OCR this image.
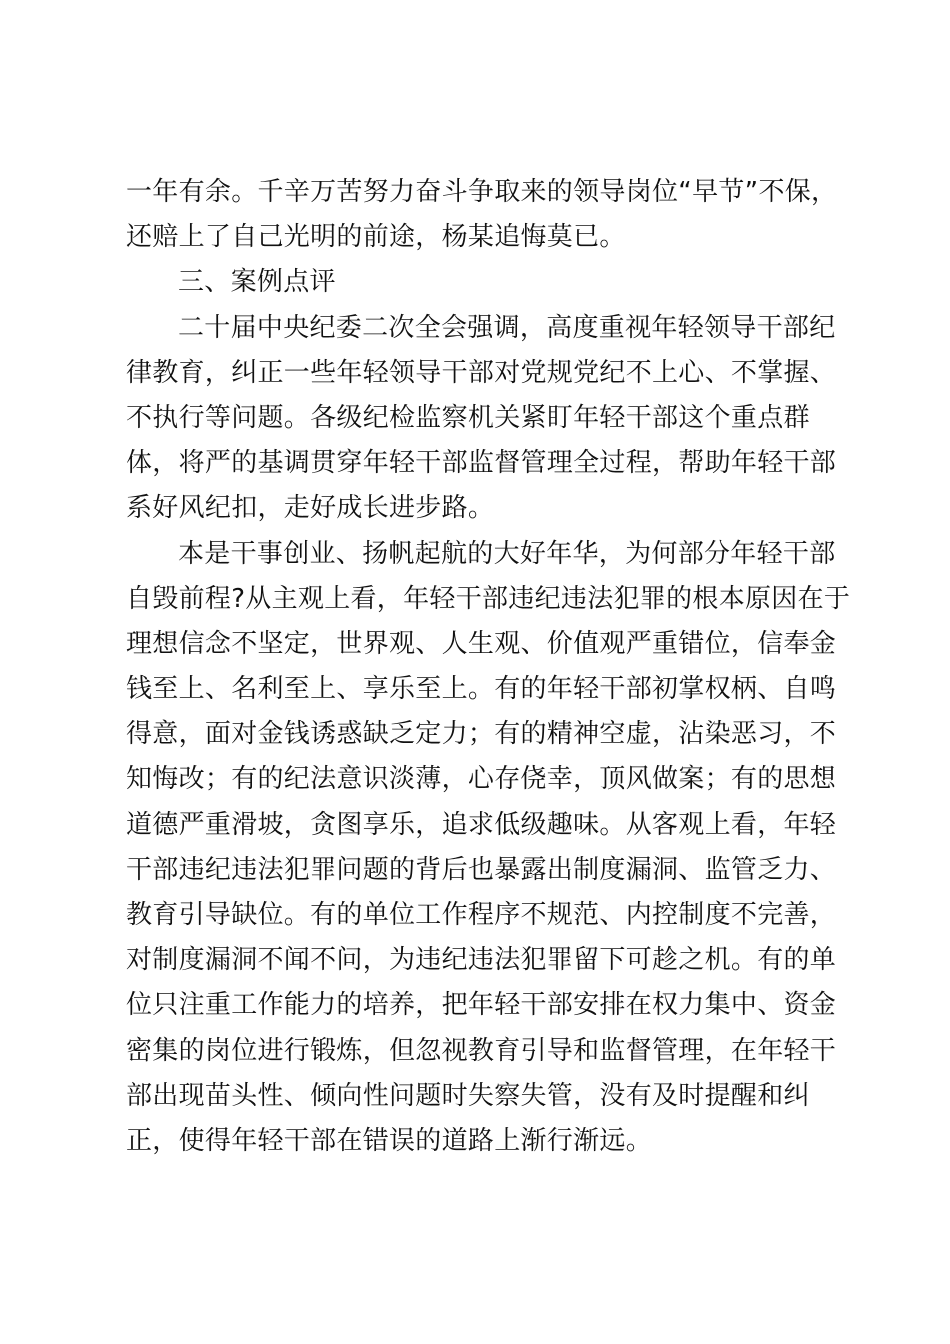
一年有余。千辛万苦努力奋斗争取来的领导岗位“早节”不保，
还赔上了自己光明的前途，杨某追悔莫已。
三、案例点评
二十届中央纪委二次全会强调，高度重视年轻领导干部纪
律教育，纠正一些年轻领导干部对党规党纪不上心、不掌握、
不执行等问题。各级纪检监察机关紧盯年轻干部这个重点群
体，将严的基调贯穿年轻干部监督管理全过程，帮助年轻干部
系好风纪扣，走好成长进步路。
本是干事创业、扬帆起航的大好年华，为何部分年轻干部
自毁前程?从主观上看，年轻干部违纪违法犯罪的根本原因在于
理想信念不坚定，世界观、人生观、价值观严重错位，信奉金
钱至上、名利至上、享乐至上。有的年轻干部初掌权柄、自鸣
得意，面对金钱诱惑缺乏定力；有的精神空虚，沾染恶习，不
知悔改；有的纪法意识淡薄，心存侥幸，顶风做案；有的思想
道德严重滑坡，贪图享乐，追求低级趣味。从客观上看，年轻
干部违纪违法犯罪问题的背后也暴露出制度漏洞、监管乏力、
教育引导缺位。有的单位工作程序不规范、内控制度不完善，
对制度漏洞不闻不问，为违纪违法犯罪留下可趁之机。有的单
位只注重工作能力的培养，把年轻干部安排在权力集中、资金
密集的岗位进行锻炼，但忽视教育引导和监督管理，在年轻干
部出现苗头性、倾向性问题时失察失管，没有及时提醒和纠
正，使得年轻干部在错误的道路上渐行渐远。
